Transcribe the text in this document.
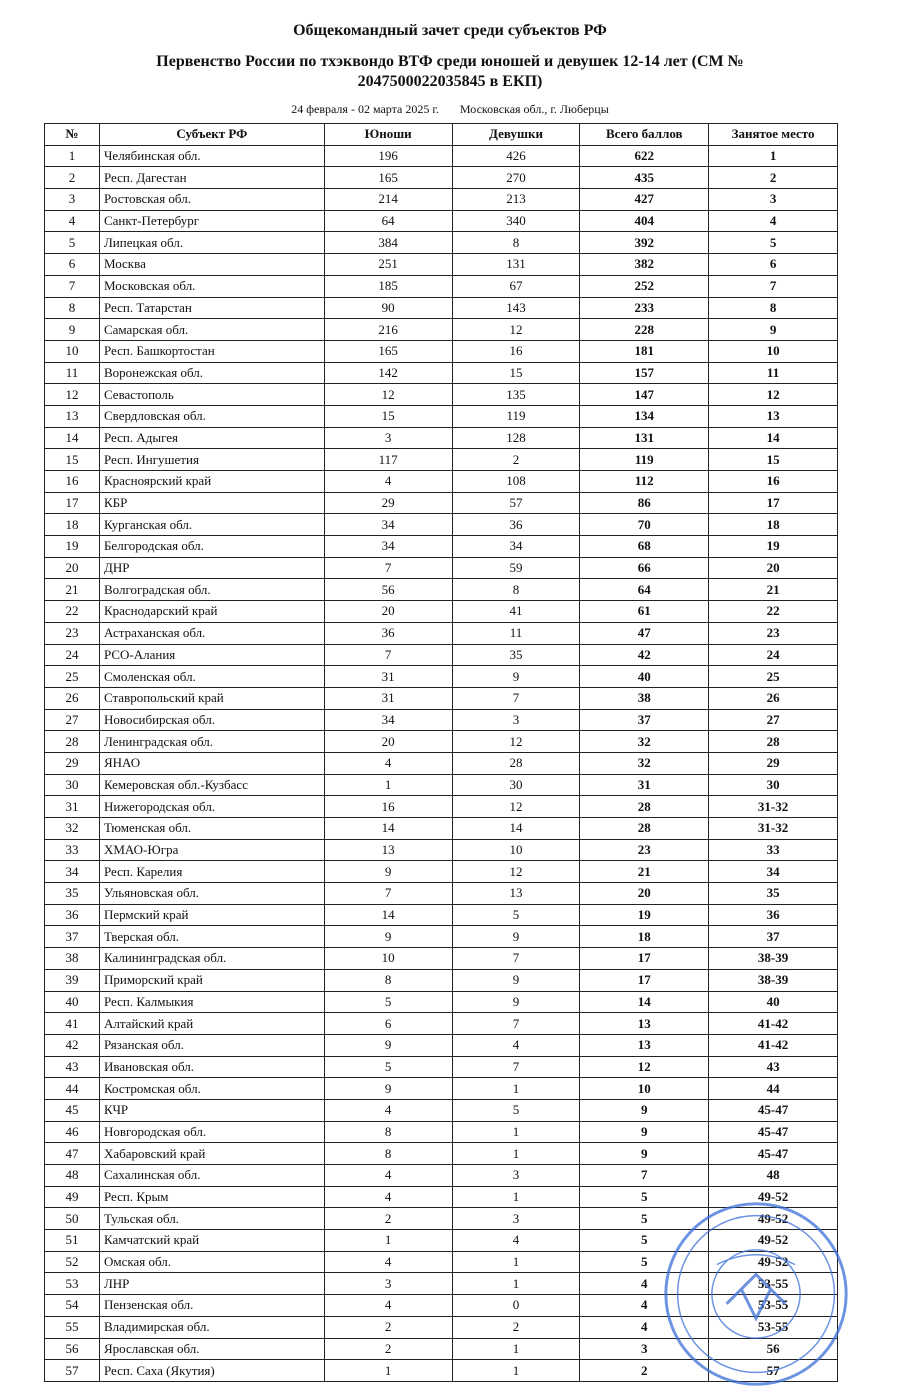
Общекомандный зачет среди субъектов РФ
Первенство России по тхэквондо ВТФ среди юношей и девушек 12-14 лет (СМ № 2047500022035845 в ЕКП)
24 февраля - 02 марта 2025 г. Московская обл., г. Люберцы
№	Субъект РФ	Юноши	Девушки	Всего баллов	Занятое место
1	Челябинская обл.	196	426	622	1
2	Респ. Дагестан	165	270	435	2
3	Ростовская обл.	214	213	427	3
4	Санкт-Петербург	64	340	404	4
5	Липецкая обл.	384	8	392	5
6	Москва	251	131	382	6
7	Московская обл.	185	67	252	7
8	Респ. Татарстан	90	143	233	8
9	Самарская обл.	216	12	228	9
10	Респ. Башкортостан	165	16	181	10
11	Воронежская обл.	142	15	157	11
12	Севастополь	12	135	147	12
13	Свердловская обл.	15	119	134	13
14	Респ. Адыгея	3	128	131	14
15	Респ. Ингушетия	117	2	119	15
16	Красноярский край	4	108	112	16
17	КБР	29	57	86	17
18	Курганская обл.	34	36	70	18
19	Белгородская обл.	34	34	68	19
20	ДНР	7	59	66	20
21	Волгоградская обл.	56	8	64	21
22	Краснодарский край	20	41	61	22
23	Астраханская обл.	36	11	47	23
24	РСО-Алания	7	35	42	24
25	Смоленская обл.	31	9	40	25
26	Ставропольский край	31	7	38	26
27	Новосибирская обл.	34	3	37	27
28	Ленинградская обл.	20	12	32	28
29	ЯНАО	4	28	32	29
30	Кемеровская обл.-Кузбасс	1	30	31	30
31	Нижегородская обл.	16	12	28	31-32
32	Тюменская обл.	14	14	28	31-32
33	ХМАО-Югра	13	10	23	33
34	Респ. Карелия	9	12	21	34
35	Ульяновская обл.	7	13	20	35
36	Пермский край	14	5	19	36
37	Тверская обл.	9	9	18	37
38	Калининградская обл.	10	7	17	38-39
39	Приморский край	8	9	17	38-39
40	Респ. Калмыкия	5	9	14	40
41	Алтайский край	6	7	13	41-42
42	Рязанская обл.	9	4	13	41-42
43	Ивановская обл.	5	7	12	43
44	Костромская обл.	9	1	10	44
45	КЧР	4	5	9	45-47
46	Новгородская обл.	8	1	9	45-47
47	Хабаровский край	8	1	9	45-47
48	Сахалинская обл.	4	3	7	48
49	Респ. Крым	4	1	5	49-52
50	Тульская обл.	2	3	5	49-52
51	Камчатский край	1	4	5	49-52
52	Омская обл.	4	1	5	49-52
53	ЛНР	3	1	4	53-55
54	Пензенская обл.	4	0	4	53-55
55	Владимирская обл.	2	2	4	53-55
56	Ярославская обл.	2	1	3	56
57	Респ. Саха (Якутия)	1	1	2	57
